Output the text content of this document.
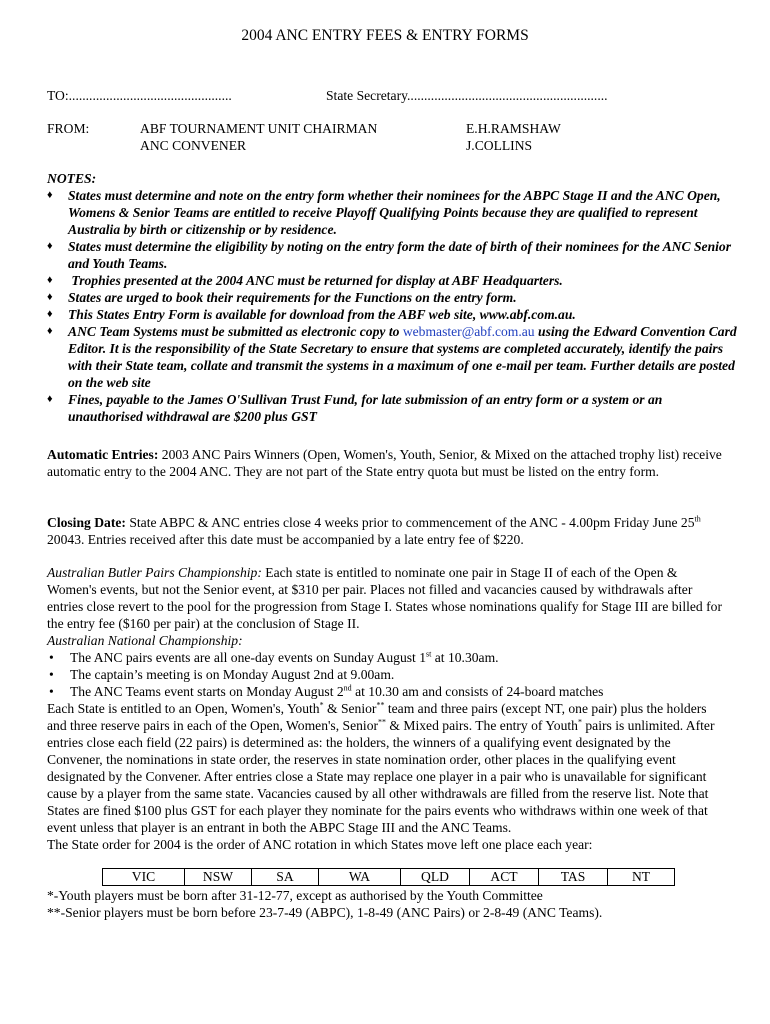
2004 ANC ENTRY FEES & ENTRY FORMS
TO:................................................	State Secretary...........................................................
FROM:	ABF TOURNAMENT UNIT CHAIRMAN	E.H.RAMSHAW
ANC CONVENER	J.COLLINS
NOTES:
♦ States must determine and note on the entry form whether their nominees for the ABPC Stage II and the ANC Open, Womens & Senior Teams are entitled to receive Playoff Qualifying Points because they are qualified to represent Australia by birth or citizenship or by residence.
♦ States must determine the eligibility by noting on the entry form the date of birth of their nominees for the ANC Senior and Youth Teams.
♦ Trophies presented at the 2004 ANC must be returned for display at ABF Headquarters.
♦ States are urged to book their requirements for the Functions on the entry form.
♦ This States Entry Form is available for download from the ABF web site, www.abf.com.au.
♦ ANC Team Systems must be submitted as electronic copy to webmaster@abf.com.au using the Edward Convention Card Editor. It is the responsibility of the State Secretary to ensure that systems are completed accurately, identify the pairs with their State team, collate and transmit the systems in a maximum of one e-mail per team. Further details are posted on the web site
♦ Fines, payable to the James O'Sullivan Trust Fund, for late submission of an entry form or a system or an unauthorised withdrawal are $200 plus GST
Automatic Entries: 2003 ANC Pairs Winners (Open, Women's, Youth, Senior, & Mixed on the attached trophy list) receive automatic entry to the 2004 ANC. They are not part of the State entry quota but must be listed on the entry form.
Closing Date: State ABPC & ANC entries close 4 weeks prior to commencement of the ANC - 4.00pm Friday June 25th 20043. Entries received after this date must be accompanied by a late entry fee of $220.
Australian Butler Pairs Championship: Each state is entitled to nominate one pair in Stage II of each of the Open & Women's events, but not the Senior event, at $310 per pair. Places not filled and vacancies caused by withdrawals after entries close revert to the pool for the progression from Stage I. States whose nominations qualify for Stage III are billed for the entry fee ($160 per pair) at the conclusion of Stage II.
Australian National Championship:
• The ANC pairs events are all one-day events on Sunday August 1st at 10.30am.
• The captain’s meeting is on Monday August 2nd at 9.00am.
• The ANC Teams event starts on Monday August 2nd at 10.30 am and consists of 24-board matches
Each State is entitled to an Open, Women's, Youth* & Senior** team and three pairs (except NT, one pair) plus the holders and three reserve pairs in each of the Open, Women's, Senior** & Mixed pairs. The entry of Youth* pairs is unlimited. After entries close each field (22 pairs) is determined as: the holders, the winners of a qualifying event designated by the Convener, the nominations in state order, the reserves in state nomination order, other places in the qualifying event designated by the Convener. After entries close a State may replace one player in a pair who is unavailable for significant cause by a player from the same state. Vacancies caused by all other withdrawals are filled from the reserve list. Note that States are fined $100 plus GST for each player they nominate for the pairs events who withdraws within one week of that event unless that player is an entrant in both the ABPC Stage III and the ANC Teams.
The State order for 2004 is the order of ANC rotation in which States move left one place each year:
VIC	NSW	SA	WA	QLD	ACT	TAS	NT
*-Youth players must be born after 31-12-77, except as authorised by the Youth Committee
**-Senior players must be born before 23-7-49 (ABPC), 1-8-49 (ANC Pairs) or 2-8-49 (ANC Teams).
